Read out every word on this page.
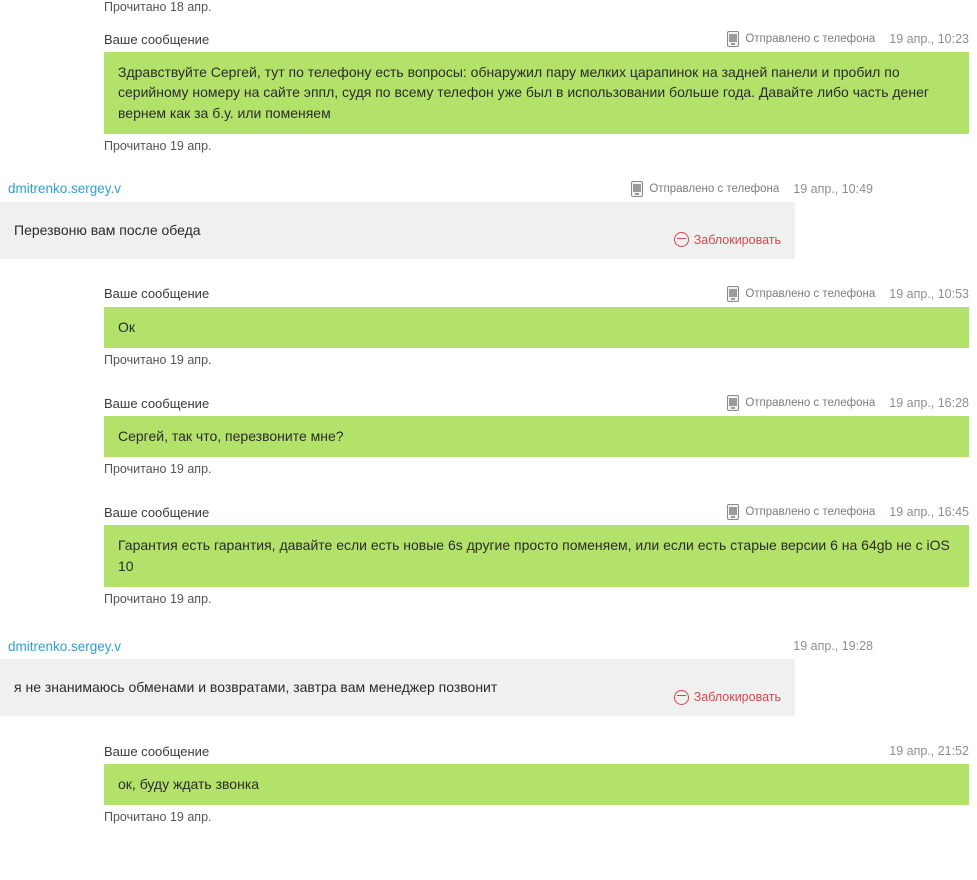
Прочитано 18 апр.
Ваше сообщение	Отправлено с телефона 19 апр., 10:23
Здравствуйте Сергей, тут по телефону есть вопросы: обнаружил пару мелких царапинок на задней панели и пробил по серийному номеру на сайте эппл, судя по всему телефон уже был в использовании больше года. Давайте либо часть денег вернем как за б.у. или поменяем
Прочитано 19 апр.
dmitrenko.sergey.v	Отправлено с телефона 19 апр., 10:49
Перезвоню вам после обеда
Заблокировать
Ваше сообщение	Отправлено с телефона 19 апр., 10:53
Ок
Прочитано 19 апр.
Ваше сообщение	Отправлено с телефона 19 апр., 16:28
Сергей, так что, перезвоните мне?
Прочитано 19 апр.
Ваше сообщение	Отправлено с телефона 19 апр., 16:45
Гарантия есть гарантия, давайте если есть новые 6s другие просто поменяем, или если есть старые версии 6 на 64gb не с iOS 10
Прочитано 19 апр.
dmitrenko.sergey.v	19 апр., 19:28
я не знанимаюсь обменами и возвратами, завтра вам менеджер позвонит
Заблокировать
Ваше сообщение	19 апр., 21:52
ок, буду ждать звонка
Прочитано 19 апр.
